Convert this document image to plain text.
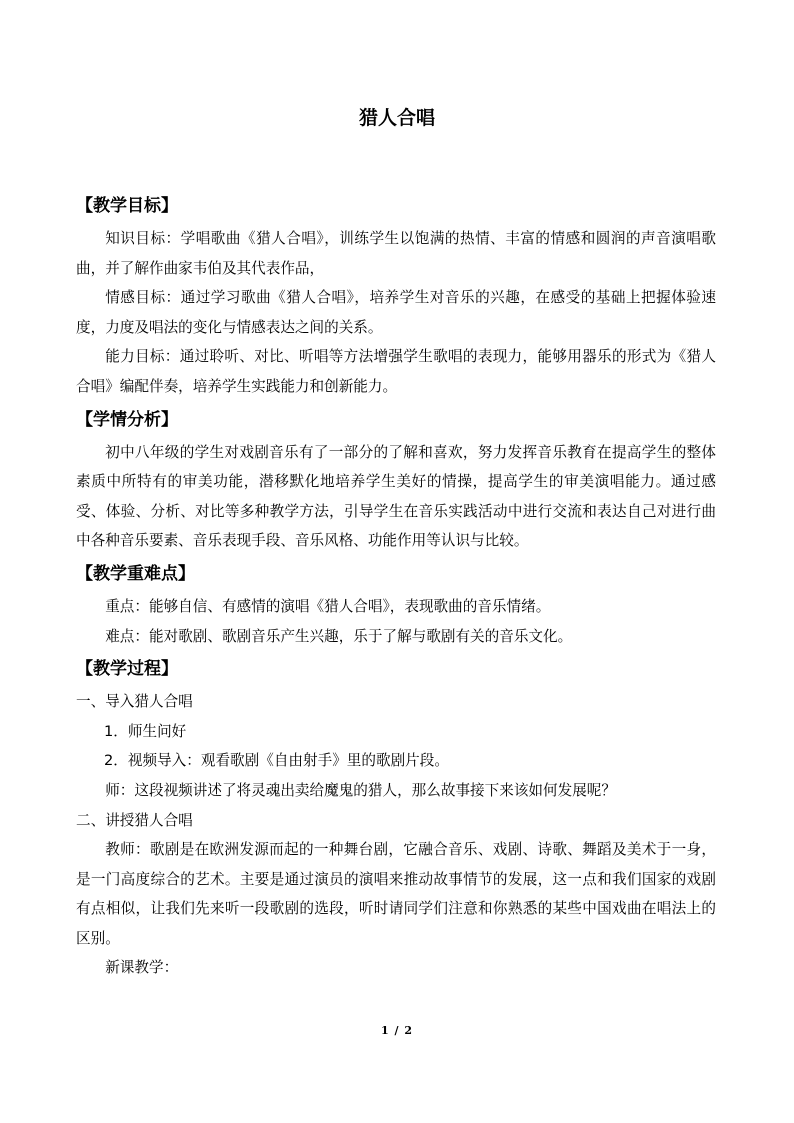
猎人合唱

【教学目标】

知识目标：学唱歌曲《猎人合唱》，训练学生以饱满的热情、丰富的情感和圆润的声音演唱歌曲，并了解作曲家韦伯及其代表作品，

情感目标：通过学习歌曲《猎人合唱》，培养学生对音乐的兴趣，在感受的基础上把握体验速度，力度及唱法的变化与情感表达之间的关系。

能力目标：通过聆听、对比、听唱等方法增强学生歌唱的表现力，能够用器乐的形式为《猎人合唱》编配伴奏，培养学生实践能力和创新能力。

【学情分析】

初中八年级的学生对戏剧音乐有了一部分的了解和喜欢，努力发挥音乐教育在提高学生的整体素质中所特有的审美功能，潜移默化地培养学生美好的情操，提高学生的审美演唱能力。通过感受、体验、分析、对比等多种教学方法，引导学生在音乐实践活动中进行交流和表达自己对进行曲中各种音乐要素、音乐表现手段、音乐风格、功能作用等认识与比较。

【教学重难点】

重点：能够自信、有感情的演唱《猎人合唱》，表现歌曲的音乐情绪。

难点：能对歌剧、歌剧音乐产生兴趣，乐于了解与歌剧有关的音乐文化。

【教学过程】

一、导入猎人合唱

1．师生问好

2．视频导入：观看歌剧《自由射手》里的歌剧片段。

师：这段视频讲述了将灵魂出卖给魔鬼的猎人，那么故事接下来该如何发展呢？

二、讲授猎人合唱

教师：歌剧是在欧洲发源而起的一种舞台剧，它融合音乐、戏剧、诗歌、舞蹈及美术于一身，是一门高度综合的艺术。主要是通过演员的演唱来推动故事情节的发展，这一点和我们国家的戏剧有点相似，让我们先来听一段歌剧的选段，听时请同学们注意和你熟悉的某些中国戏曲在唱法上的区别。

新课教学：

1 / 2
